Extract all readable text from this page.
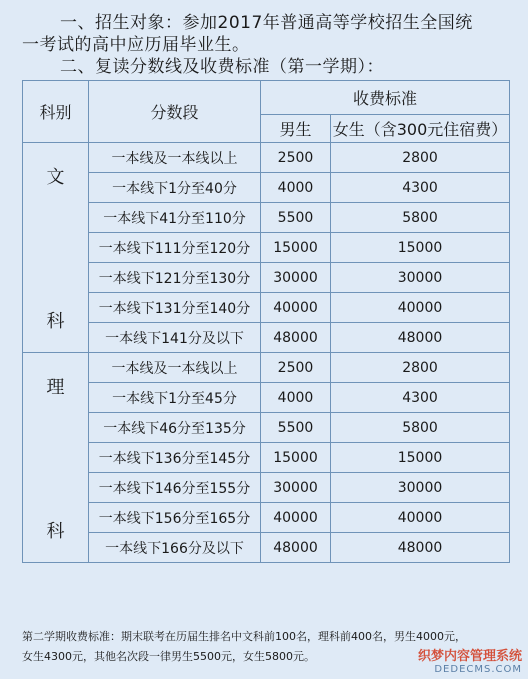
一、招生对象：参加2017年普通高等学校招生全国统
一考试的高中应历届毕业生。
二、复读分数线及收费标准（第一学期）：
科别	分数段	收费标准	
		男生	女生（含300元住宿费）

文
科	一本线及一本线以上	2500	2800
	一本线下1分至40分	4000	4300
	一本线下41分至110分	5500	5800
	一本线下111分至120分	15000	15000
	一本线下121分至130分	30000	30000
	一本线下131分至140分	40000	40000
	一本线下141分及以下	48000	48000

理
科	一本线及一本线以上	2500	2800
	一本线下1分至45分	4000	4300
	一本线下46分至135分	5500	5800
	一本线下136分至145分	15000	15000
	一本线下146分至155分	30000	30000
	一本线下156分至165分	40000	40000
	一本线下166分及以下	48000	48000
第二学期收费标准：期末联考在历届生排名中文科前100名，理科前400名，男生4000元，
女生4300元，其他名次段一律男生5500元，女生5800元。	织梦内容管理系统
DEDECMS.COM
